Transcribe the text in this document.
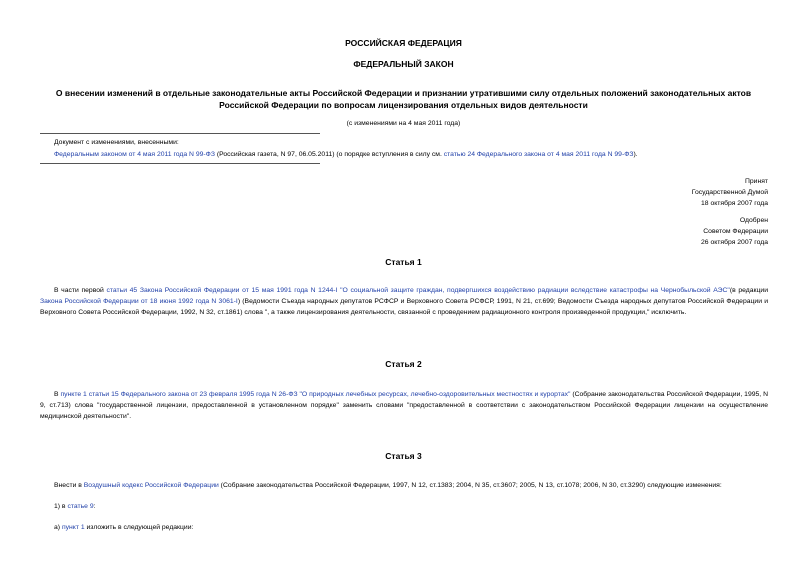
РОССИЙСКАЯ ФЕДЕРАЦИЯ
ФЕДЕРАЛЬНЫЙ ЗАКОН
О внесении изменений в отдельные законодательные акты Российской Федерации и признании утратившими силу отдельных положений законодательных актов
Российской Федерации по вопросам лицензирования отдельных видов деятельности
(с изменениями на 4 мая 2011 года)
Документ с изменениями, внесенными:
Федеральным законом от 4 мая 2011 года N 99-ФЗ (Российская газета, N 97, 06.05.2011) (о порядке вступления в силу см. статью 24 Федерального закона от 4 мая 2011 года N 99-ФЗ).
Принят
Государственной Думой
18 октября 2007 года
Одобрен
Советом Федерации
26 октября 2007 года
Статья 1
В части первой статьи 45 Закона Российской Федерации от 15 мая 1991 года N 1244-I "О социальной защите граждан, подвергшихся воздействию радиации вследствие катастрофы на Чернобыльской АЭС"(в редакции Закона Российской Федерации от 18 июня 1992 года N 3061-I) (Ведомости Съезда народных депутатов РСФСР и Верховного Совета РСФСР, 1991, N 21, ст.699; Ведомости Съезда народных депутатов Российской Федерации и Верховного Совета Российской Федерации, 1992, N 32, ст.1861) слова ", а также лицензирования деятельности, связанной с проведением радиационного контроля произведенной продукции," исключить.
Статья 2
В пункте 1 статьи 15 Федерального закона от 23 февраля 1995 года N 26-ФЗ "О природных лечебных ресурсах, лечебно-оздоровительных местностях и курортах" (Собрание законодательства Российской Федерации, 1995, N 9, ст.713) слова "государственной лицензии, предоставленной в установленном порядке" заменить словами "предоставленной в соответствии с законодательством Российской Федерации лицензии на осуществление медицинской деятельности".
Статья 3
Внести в Воздушный кодекс Российской Федерации (Собрание законодательства Российской Федерации, 1997, N 12, ст.1383; 2004, N 35, ст.3607; 2005, N 13, ст.1078; 2006, N 30, ст.3290) следующие изменения:
1) в статье 9:
а) пункт 1 изложить в следующей редакции:
